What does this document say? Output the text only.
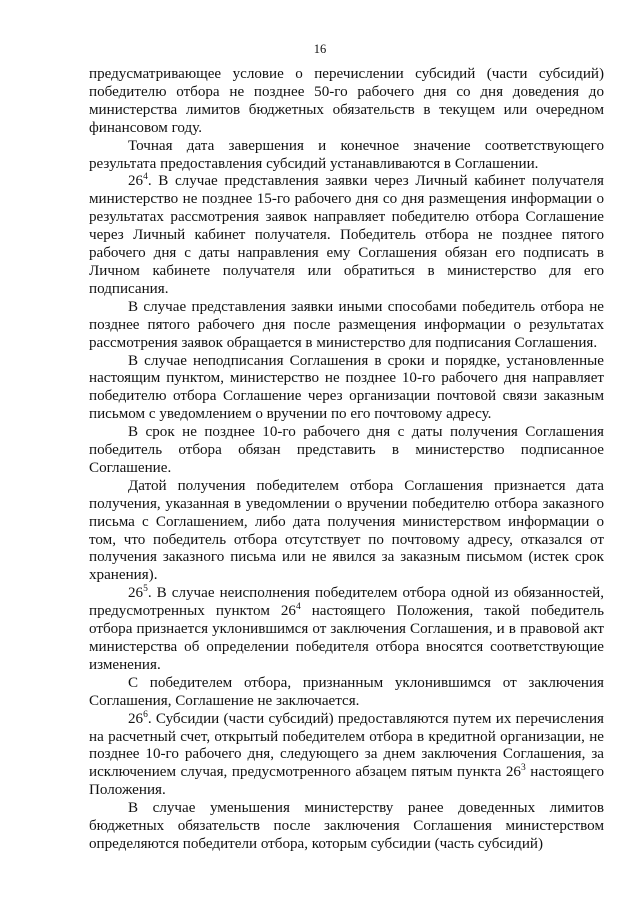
16

предусматривающее условие о перечислении субсидий (части субсидий) победителю отбора не позднее 50-го рабочего дня со дня доведения до министерства лимитов бюджетных обязательств в текущем или очередном финансовом году.

Точная дата завершения и конечное значение соответствующего результата предоставления субсидий устанавливаются в Соглашении.

$26^4$. В случае представления заявки через Личный кабинет получателя министерство не позднее 15-го рабочего дня со дня размещения информации о результатах рассмотрения заявок направляет победителю отбора Соглашение через Личный кабинет получателя. Победитель отбора не позднее пятого рабочего дня с даты направления ему Соглашения обязан его подписать в Личном кабинете получателя или обратиться в министерство для его подписания.

В случае представления заявки иными способами победитель отбора не позднее пятого рабочего дня после размещения информации о результатах рассмотрения заявок обращается в министерство для подписания Соглашения.

В случае неподписания Соглашения в сроки и порядке, установленные настоящим пунктом, министерство не позднее 10-го рабочего дня направляет победителю отбора Соглашение через организации почтовой связи заказным письмом с уведомлением о вручении по его почтовому адресу.

В срок не позднее 10-го рабочего дня с даты получения Соглашения победитель отбора обязан представить в министерство подписанное Соглашение.

Датой получения победителем отбора Соглашения признается дата получения, указанная в уведомлении о вручении победителю отбора заказного письма с Соглашением, либо дата получения министерством информации о том, что победитель отбора отсутствует по почтовому адресу, отказался от получения заказного письма или не явился за заказным письмом (истек срок хранения).

$26^5$. В случае неисполнения победителем отбора одной из обязанностей, предусмотренных пунктом $26^4$ настоящего Положения, такой победитель отбора признается уклонившимся от заключения Соглашения, и в правовой акт министерства об определении победителя отбора вносятся соответствующие изменения.

С победителем отбора, признанным уклонившимся от заключения Соглашения, Соглашение не заключается.

$26^6$. Субсидии (части субсидий) предоставляются путем их перечисления на расчетный счет, открытый победителем отбора в кредитной организации, не позднее 10-го рабочего дня, следующего за днем заключения Соглашения, за исключением случая, предусмотренного абзацем пятым пункта $26^3$ настоящего Положения.

В случае уменьшения министерству ранее доведенных лимитов бюджетных обязательств после заключения Соглашения министерством определяются победители отбора, которым субсидии (часть субсидий)
